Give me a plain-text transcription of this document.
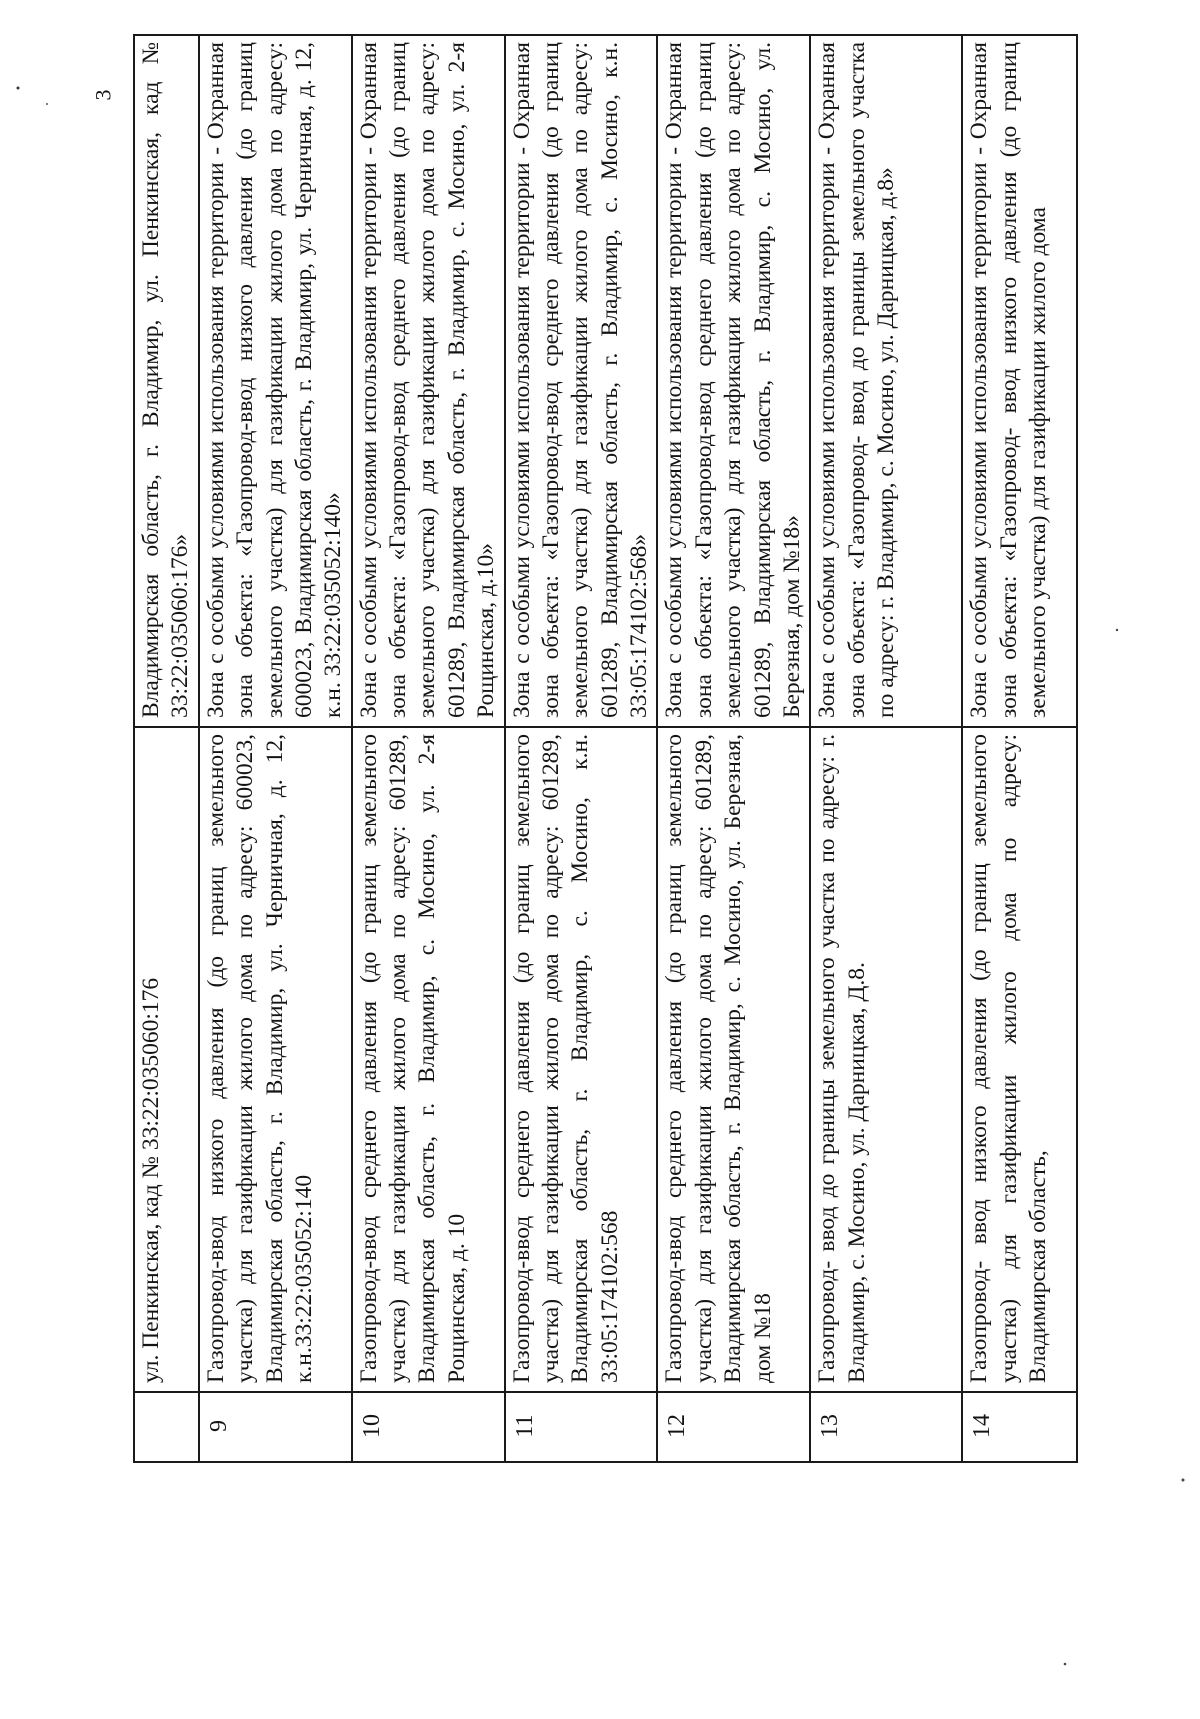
3
	ул. Пенкинская, кад № 33:22:035060:176	Владимирская область, г. Владимир, ул. Пенкинская, кад № 33:22:035060:176»
9	Газопровод-ввод низкого давления (до границ земельного участка) для газификации жилого дома по адресу: 600023, Владимирская область, г. Владимир, ул. Черничная, д. 12, к.н.33:22:035052:140	Зона с особыми условиями использования территории - Охранная зона объекта: «Газопровод-ввод низкого давления (до границ земельного участка) для газификации жилого дома по адресу: 600023, Владимирская область, г. Владимир, ул. Черничная, д. 12, к.н. 33:22:035052:140»
10	Газопровод-ввод среднего давления (до границ земельного участка) для газификации жилого дома по адресу: 601289, Владимирская область, г. Владимир, с. Мосино, ул. 2-я Рощинская, д. 10	Зона с особыми условиями использования территории - Охранная зона объекта: «Газопровод-ввод среднего давления (до границ земельного участка) для газификации жилого дома по адресу: 601289, Владимирская область, г. Владимир, с. Мосино, ул. 2-я Рощинская, д.10»
11	Газопровод-ввод среднего давления (до границ земельного участка) для газификации жилого дома по адресу: 601289, Владимирская область, г. Владимир, с. Мосино, к.н. 33:05:174102:568	Зона с особыми условиями использования территории - Охранная зона объекта: «Газопровод-ввод среднего давления (до границ земельного участка) для газификации жилого дома по адресу: 601289, Владимирская область, г. Владимир, с. Мосино, к.н. 33:05:174102:568»
12	Газопровод-ввод среднего давления (до границ земельного участка) для газификации жилого дома по адресу: 601289, Владимирская область, г. Владимир, с. Мосино, ул. Березная, дом №18	Зона с особыми условиями использования территории - Охранная зона объекта: «Газопровод-ввод среднего давления (до границ земельного участка) для газификации жилого дома по адресу: 601289, Владимирская область, г. Владимир, с. Мосино, ул. Березная, дом №18»
13	Газопровод- ввод до границы земельного участка по адресу: г. Владимир, с. Мосино, ул. Дарницкая, Д.8.	Зона с особыми условиями использования территории - Охранная зона объекта: «Газопровод- ввод до границы земельного участка по адресу: г. Владимир, с. Мосино, ул. Дарницкая, д.8»
14	Газопровод- ввод низкого давления (до границ земельного участка) для газификации жилого дома по адресу: Владимирская область,	Зона с особыми условиями использования территории - Охранная зона объекта: «Газопровод- ввод низкого давления (до границ земельного участка) для газификации жилого дома
